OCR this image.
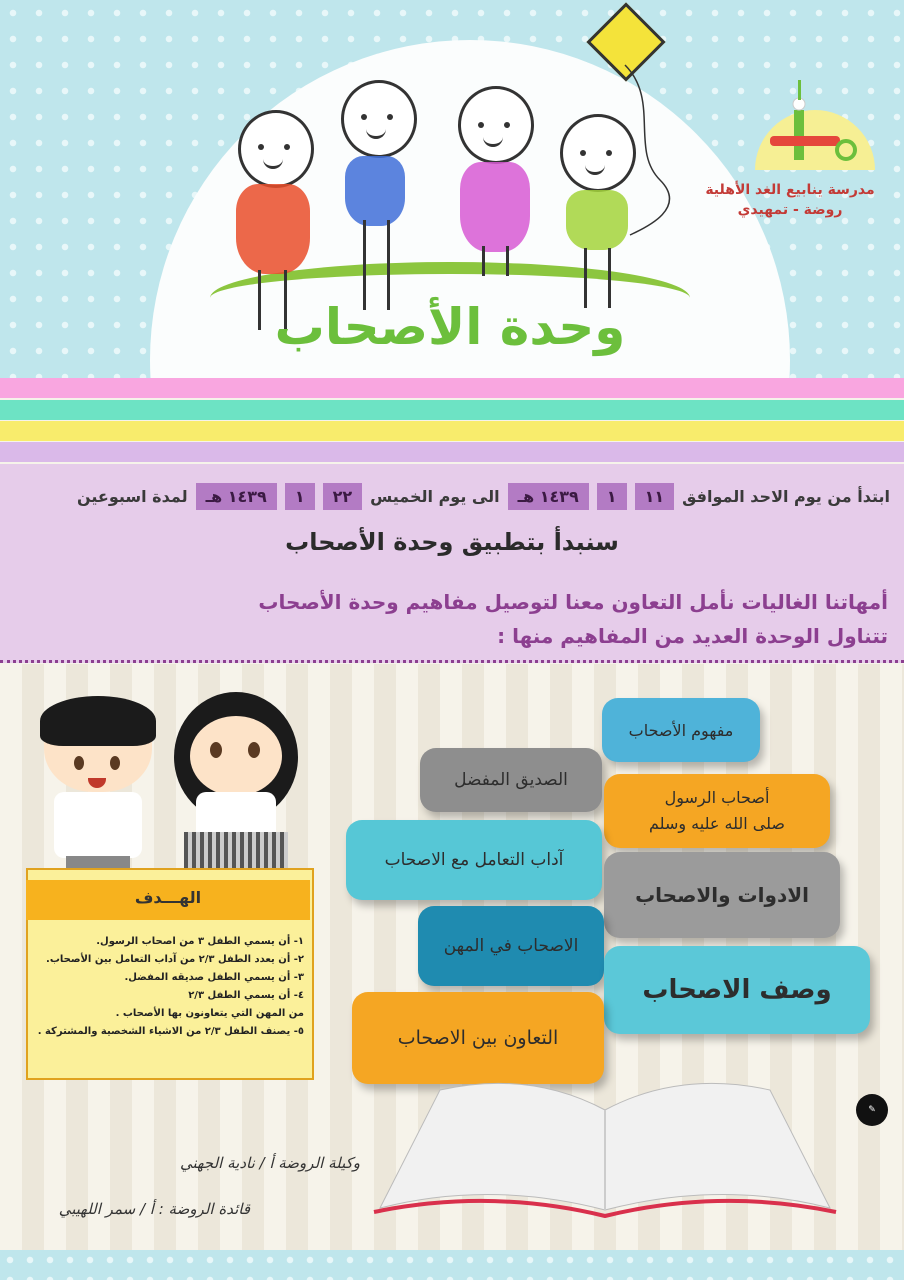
وحدة الأصحاب
مدرسة ينابيع الغد الأهلية
روضة - تمهيدي
ابتدأ من يوم الاحد الموافق
١١
١
١٤٣٩ هـ
الى يوم الخميس
٢٢
١
١٤٣٩ هـ
لمدة اسبوعين
سنبدأ بتطبيق وحدة الأصحاب
أمهاتنا الغاليات نأمل التعاون معنا لتوصيل مفاهيم وحدة الأصحاب
تتناول الوحدة العديد من المفاهيم منها :
الهـــدف
١- أن يسمي الطفل ٣ من اصحاب الرسول.
٢- أن يعدد الطفل ٢/٣ من آداب التعامل بين الأصحاب.
٣- أن يسمي الطفل صديقه المفضل.
٤- أن يسمي الطفل ٢/٣
من المهن التي يتعاونون بها الأصحاب .
٥- يصنف الطفل ٢/٣ من الاشياء الشخصية والمشتركة .
مفهوم الأصحاب
الصديق المفضل
أصحاب الرسول
صلى الله عليه وسلم
آداب التعامل مع الاصحاب
الادوات والاصحاب
الاصحاب في المهن
وصف الاصحاب
التعاون بين الاصحاب
✎
وكيلة الروضة أ / نادية الجهني
قائدة الروضة : أ / سمر اللهيبي
